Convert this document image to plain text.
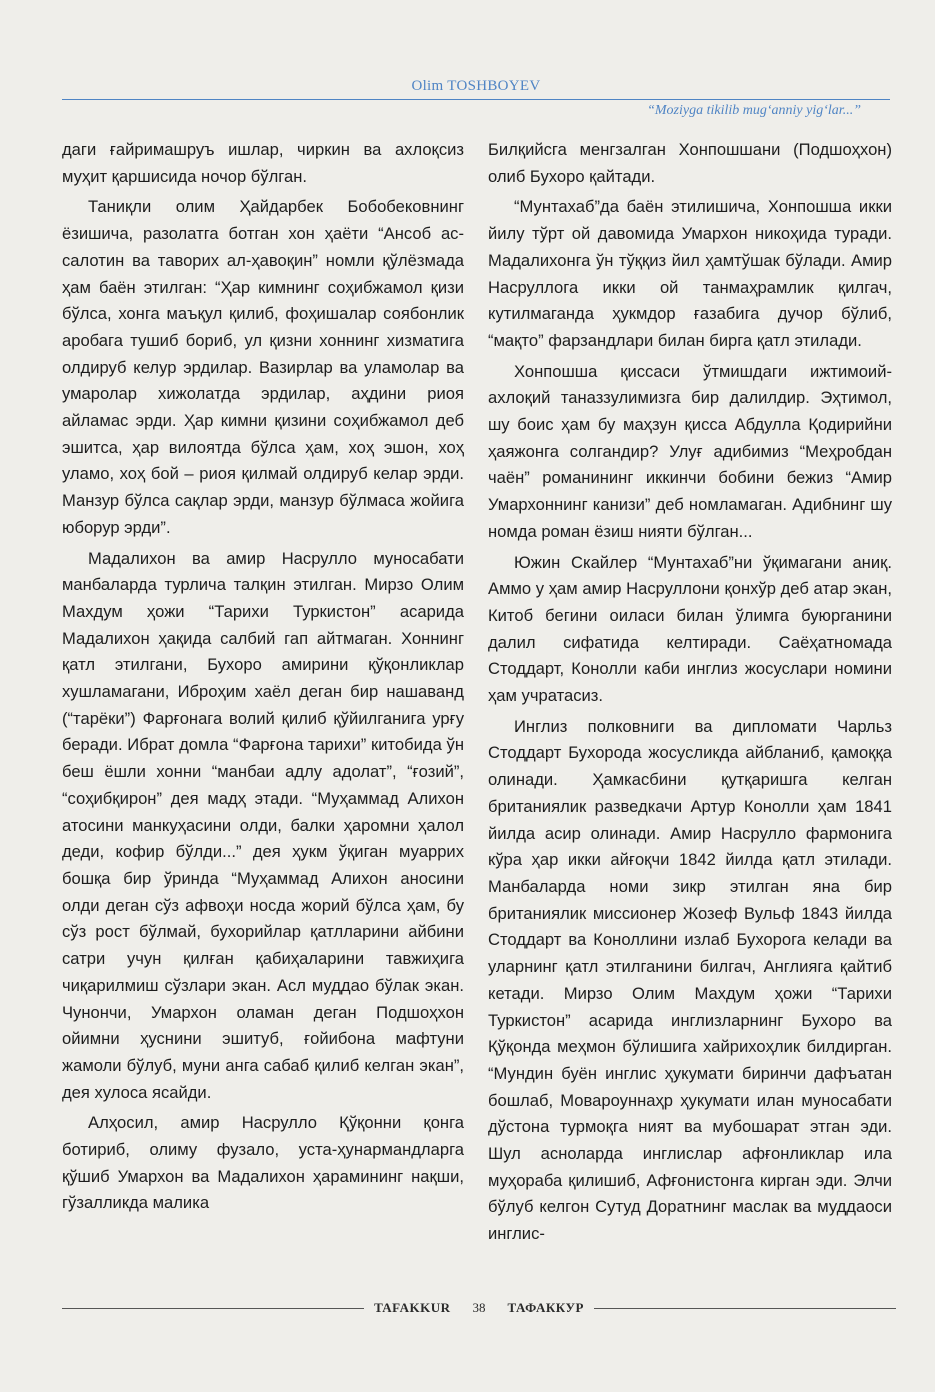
Olim TOSHBOYEV
“Moziyga tikilib mug‘anniy yig‘lar...”

даги ғайримашруъ ишлар, чиркин ва ахлоқсиз муҳит қаршисида ночор бўлган.

Таниқли олим Ҳайдарбек Бобобековнинг ёзишича, разолатга ботган хон ҳаёти “Ансоб ас-салотин ва таворих ал-ҳавоқин” номли қўлёзмада ҳам баён этилган: “Ҳар кимнинг соҳибжамол қизи бўлса, хонга маъқул қилиб, фоҳишалар соябонлик аробага тушиб бориб, ул қизни хоннинг хизматига олдируб келур эрдилар. Вазирлар ва уламолар ва умаролар хижолатда эрдилар, аҳдини риоя айламас эрди. Ҳар кимни қизини соҳибжамол деб эшитса, ҳар вилоятда бўлса ҳам, хоҳ эшон, хоҳ уламо, хоҳ бой – риоя қилмай олдируб келар эрди. Манзур бўлса сақлар эрди, манзур бўлмаса жойига юборур эрди”.

Мадалихон ва амир Насрулло муносабати манбаларда турлича талқин этилган. Мирзо Олим Махдум ҳожи “Тарихи Туркистон” асарида Мадалихон ҳақида салбий гап айтмаган. Хоннинг қатл этилгани, Бухоро амирини қўқонликлар хушламагани, Иброҳим хаёл деган бир нашаванд (“тарёки”) Фарғонага волий қилиб қўйилганига урғу беради. Ибрат домла “Фарғона тарихи” китобида ўн беш ёшли хонни “манбаи адлу адолат”, “ғозий”, “соҳибқирон” дея мадҳ этади. “Муҳаммад Алихон атосини манкуҳасини олди, балки ҳаромни ҳалол деди, кофир бўлди...” дея ҳукм ўқиган муаррих бошқа бир ўринда “Муҳаммад Алихон аносини олди деган сўз афвоҳи носда жорий бўлса ҳам, бу сўз рост бўлмай, бухорийлар қатлларини айбини сатри учун қилған қабиҳаларини тавжиҳига чиқарилмиш сўзлари экан. Асл муддао бўлак экан. Чунончи, Умархон оламан деган Подшоҳхон ойимни ҳуснини эшитуб, ғойибона мафтуни жамоли бўлуб, муни анга сабаб қилиб келган экан”, дея хулоса ясайди.

Алҳосил, амир Насрулло Қўқонни қонга ботириб, олиму фузало, уста-ҳунармандларга қўшиб Умархон ва Мадалихон ҳарамининг нақши, гўзалликда малика

Билқийсга менгзалган Хонпошшани (Подшоҳхон) олиб Бухоро қайтади.

“Мунтахаб”да баён этилишича, Хонпошша икки йилу тўрт ой давомида Умархон никоҳида туради. Мадалихонга ўн тўққиз йил ҳамтўшак бўлади. Амир Насруллога икки ой танмаҳрамлик қилгач, кутилмаганда ҳукмдор ғазабига дучор бўлиб, “мақто” фарзандлари билан бирга қатл этилади.

Хонпошша қиссаси ўтмишдаги ижтимоий-ахлоқий таназзулимизга бир далилдир. Эҳтимол, шу боис ҳам бу маҳзун қисса Абдулла Қодирийни ҳаяжонга солгандир? Улуғ адибимиз “Меҳробдан чаён” романининг иккинчи бобини бежиз “Амир Умархоннинг канизи” деб номламаган. Адибнинг шу номда роман ёзиш нияти бўлган...

Южин Скайлер “Мунтахаб”ни ўқимагани аниқ. Аммо у ҳам амир Насруллони қонхўр деб атар экан, Китоб бегини оиласи билан ўлимга буюрганини далил сифатида келтиради. Саёҳатномада Стоддарт, Конолли каби инглиз жосуслари номини ҳам учратасиз.

Инглиз полковниги ва дипломати Чарльз Стоддарт Бухорода жосусликда айбланиб, қамоққа олинади. Ҳамкасбини қутқаришга келган британиялик разведкачи Артур Конолли ҳам 1841 йилда асир олинади. Амир Насрулло фармонига кўра ҳар икки айғоқчи 1842 йилда қатл этилади. Манбаларда номи зикр этилган яна бир британиялик миссионер Жозеф Вульф 1843 йилда Стоддарт ва Коноллини излаб Бухорога келади ва уларнинг қатл этилганини билгач, Англияга қайтиб кетади. Мирзо Олим Махдум ҳожи “Тарихи Туркистон” асарида инглизларнинг Бухоро ва Қўқонда меҳмон бўлишига хайрихоҳлик билдирган. “Мундин буён инглис ҳукумати биринчи дафъатан бошлаб, Мовароуннаҳр ҳукумати илан муносабати дўстона турмоқга ният ва мубошарат этган эди. Шул асноларда инглислар афғонликлар ила муҳораба қилишиб, Афғонистонга кирган эди. Элчи бўлуб келгон Сутуд Доратнинг маслак ва муддаоси инглис-

TAFAKKUR	38	ТАФАККУР
